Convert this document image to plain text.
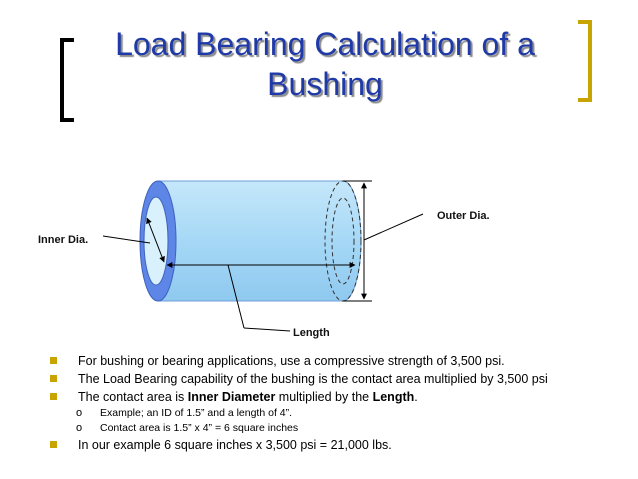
Load Bearing Calculation of a Bushing
Outer Dia.
Inner Dia.
Length
For bushing or bearing applications, use a compressive strength of 3,500 psi.
The Load Bearing capability of the bushing is the contact area multiplied by 3,500 psi
The contact area is Inner Diameter multiplied by the Length.
o Example; an ID of 1.5” and a length of 4”.
o Contact area is 1.5” x 4” = 6 square inches
In our example 6 square inches x 3,500 psi = 21,000 lbs.
